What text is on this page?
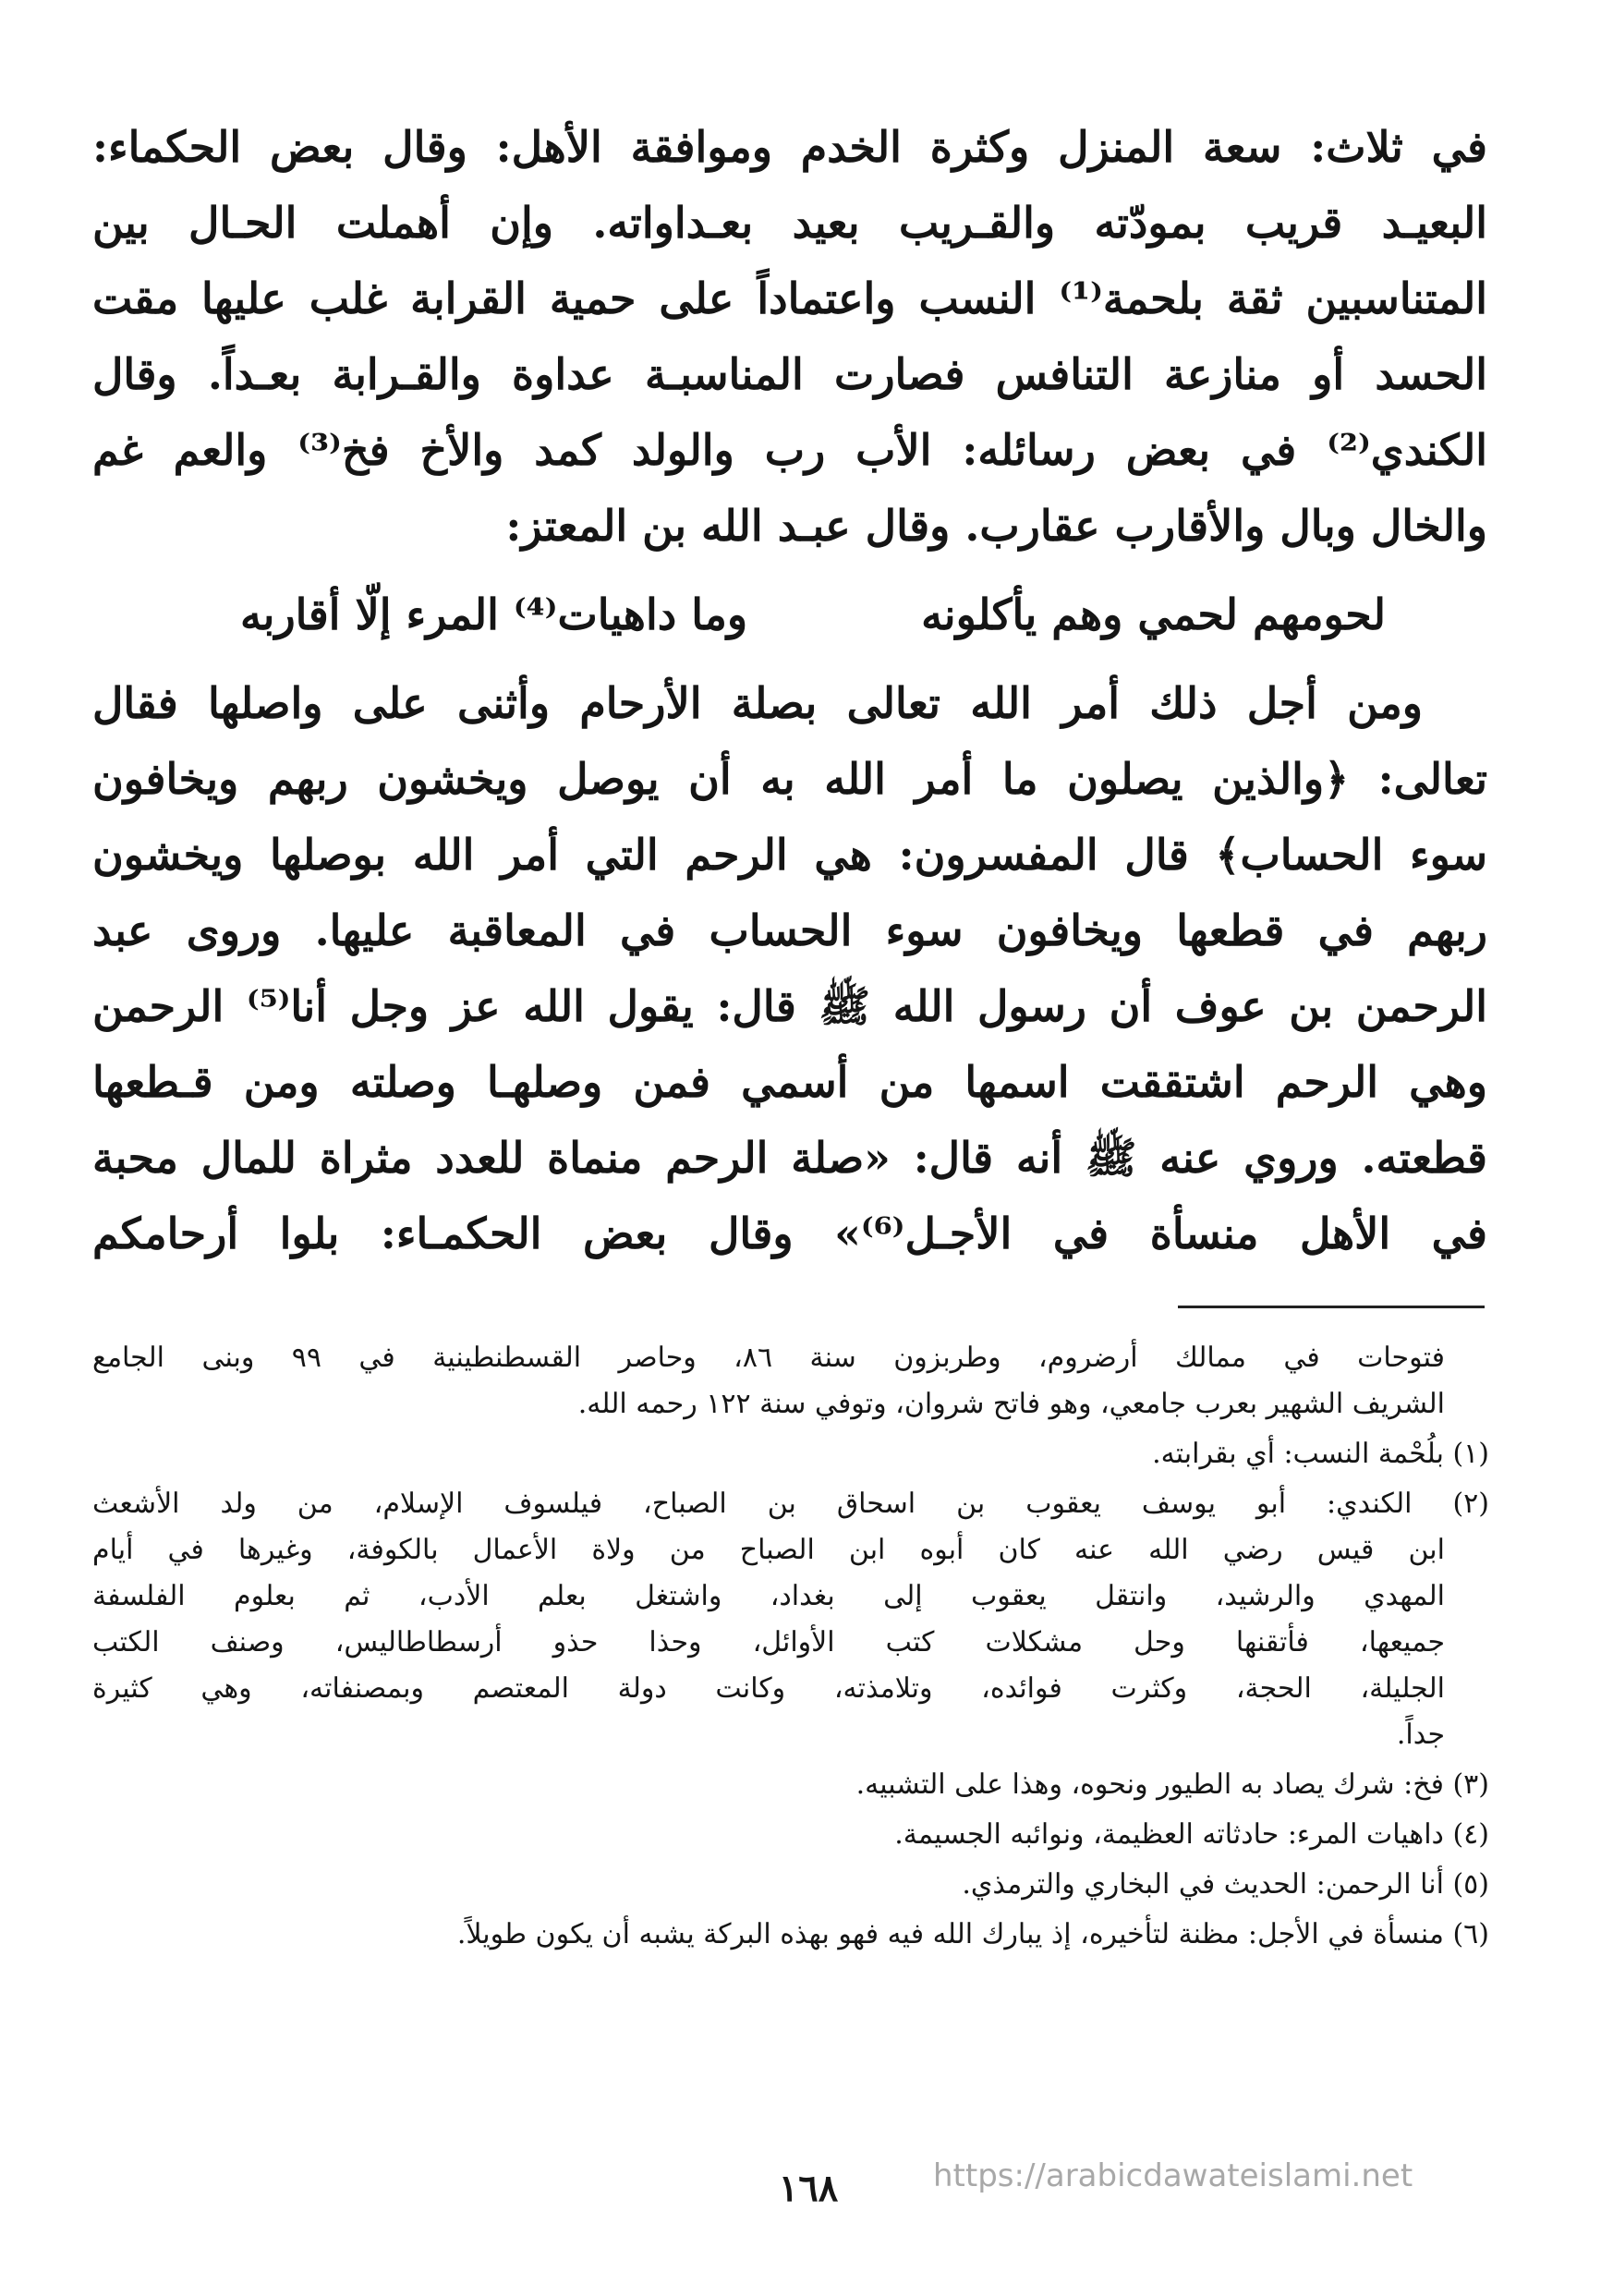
في ثلاث: سعة المنزل وكثرة الخدم وموافقة الأهل: وقال بعض الحكماء:
البعيـد قريب بمودّته والقـريب بعيد بعـداواته. وإن أهملت الحـال بين
المتناسبين ثقة بلحمة⁽¹⁾ النسب واعتماداً على حمية القرابة غلب عليها مقت
الحسد أو منازعة التنافس فصارت المناسبـة عداوة والقـرابة بعـداً. وقال
الكندي⁽²⁾ في بعض رسائله: الأب رب والولد كمد والأخ فخ⁽³⁾ والعم غم
والخال وبال والأقارب عقارب. وقال عبـد الله بن المعتز:
لحومهم لحمي وهم يأكلونه
وما داهيات⁽⁴⁾ المرء إلّا أقاربه
ومن أجل ذلك أمر الله تعالى بصلة الأرحام وأثنى على واصلها فقال
تعالى: ﴿والذين يصلون ما أمر الله به أن يوصل ويخشون ربهم ويخافون
سوء الحساب﴾ قال المفسرون: هي الرحم التي أمر الله بوصلها ويخشون
ربهم في قطعها ويخافون سوء الحساب في المعاقبة عليها. وروى عبد
الرحمن بن عوف أن رسول الله ﷺ قال: يقول الله عز وجل أنا⁽⁵⁾ الرحمن
وهي الرحم اشتققت اسمها من أسمي فمن وصلهـا وصلته ومن قـطعها
قطعته. وروي عنه ﷺ أنه قال: «صلة الرحم منماة للعدد مثراة للمال محبة
في الأهل منسأة في الأجـل⁽⁶⁾» وقال بعض الحكمـاء: بلوا أرحامكم
فتوحات في ممالك أرضروم، وطربزون سنة ٨٦، وحاصر القسطنطينية في ٩٩ وبنى الجامع
الشريف الشهير بعرب جامعي، وهو فاتح شروان، وتوفي سنة ١٢٢ رحمه الله.
(١) بلُحْمة النسب: أي بقرابته.
(٢) الكندي: أبو يوسف يعقوب بن اسحاق بن الصباح، فيلسوف الإسلام، من ولد الأشعث
ابن قيس رضي الله عنه كان أبوه ابن الصباح من ولاة الأعمال بالكوفة، وغيرها في أيام
المهدي والرشيد، وانتقل يعقوب إلى بغداد، واشتغل بعلم الأدب، ثم بعلوم الفلسفة
جميعها، فأتقنها وحل مشكلات كتب الأوائل، وحذا حذو أرسطاطاليس، وصنف الكتب
الجليلة، الحجة، وكثرت فوائده، وتلامذته، وكانت دولة المعتصم وبمصنفاته، وهي كثيرة
جداً.
(٣) فخ: شرك يصاد به الطيور ونحوه، وهذا على التشبيه.
(٤) داهيات المرء: حادثاته العظيمة، ونوائبه الجسيمة.
(٥) أنا الرحمن: الحديث في البخاري والترمذي.
(٦) منسأة في الأجل: مظنة لتأخيره، إذ يبارك الله فيه فهو بهذه البركة يشبه أن يكون طويلاً.
١٦٨	https://arabicdawateislami.net
